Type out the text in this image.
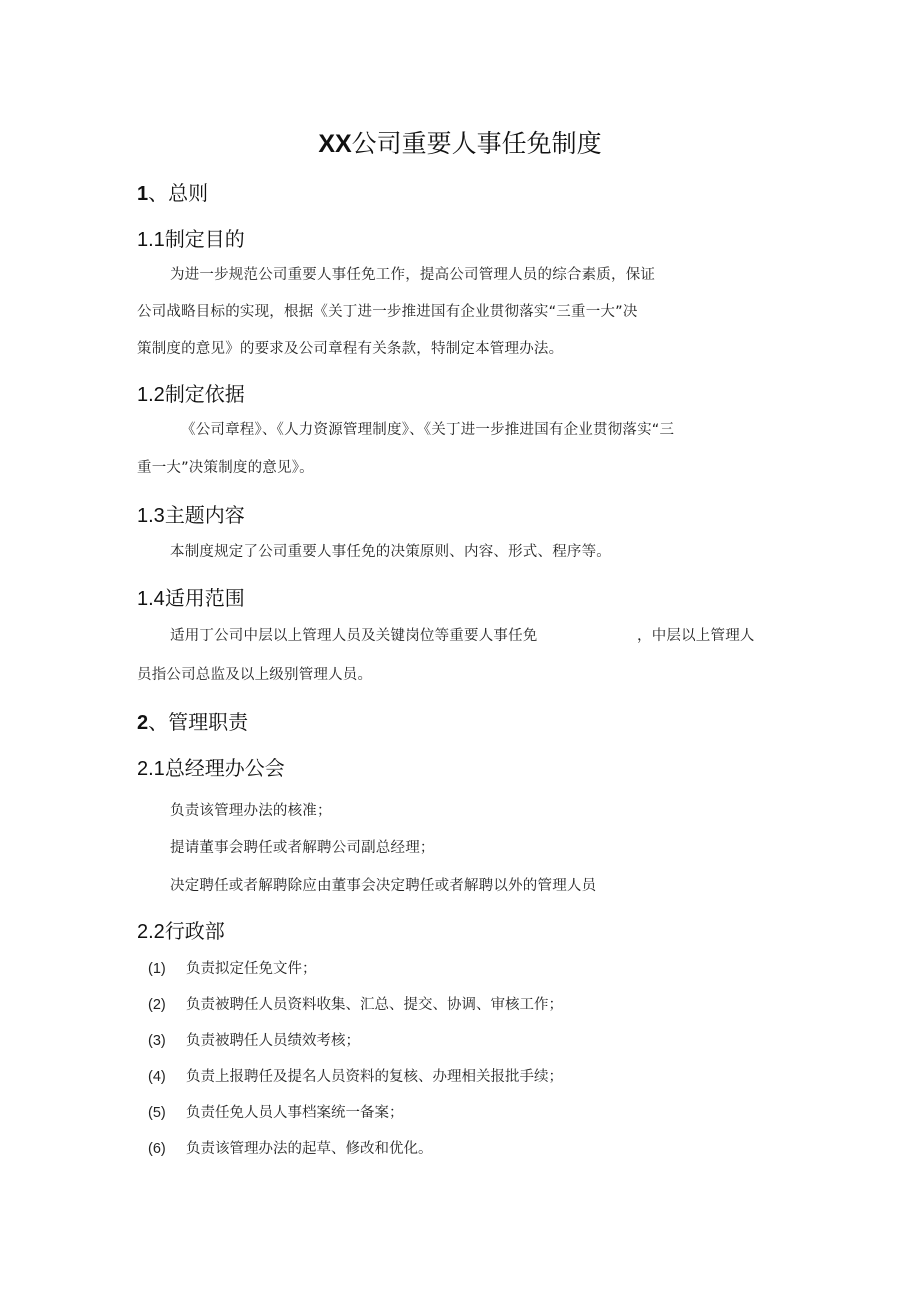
XX公司重要人事任免制度
1、总则
1.1制定目的
为进一步规范公司重要人事任免工作，提高公司管理人员的综合素质，保证
公司战略目标的实现，根据《关丁进一步推进国有企业贯彻落实“三重一大”决
策制度的意见》的要求及公司章程有关条款，特制定本管理办法。
1.2制定依据
《公司章程》、《人力资源管理制度》、《关丁进一步推进国有企业贯彻落实“三
重一大”决策制度的意见》。
1.3主题内容
本制度规定了公司重要人事任免的决策原则、内容、形式、程序等。
1.4适用范围
适用丁公司中层以上管理人员及关键岗位等重要人事任免	，中层以上管理人
员指公司总监及以上级别管理人员。
2、管理职责
2.1总经理办公会
负责该管理办法的核准；
提请董事会聘任或者解聘公司副总经理；
决定聘任或者解聘除应由董事会决定聘任或者解聘以外的管理人员
2.2行政部
(1) 负责拟定任免文件；
(2) 负责被聘任人员资料收集、汇总、提交、协调、审核工作；
(3) 负责被聘任人员绩效考核；
(4) 负责上报聘任及提名人员资料的复核、办理相关报批手续；
(5) 负责任免人员人事档案统一备案；
(6) 负责该管理办法的起草、修改和优化。
